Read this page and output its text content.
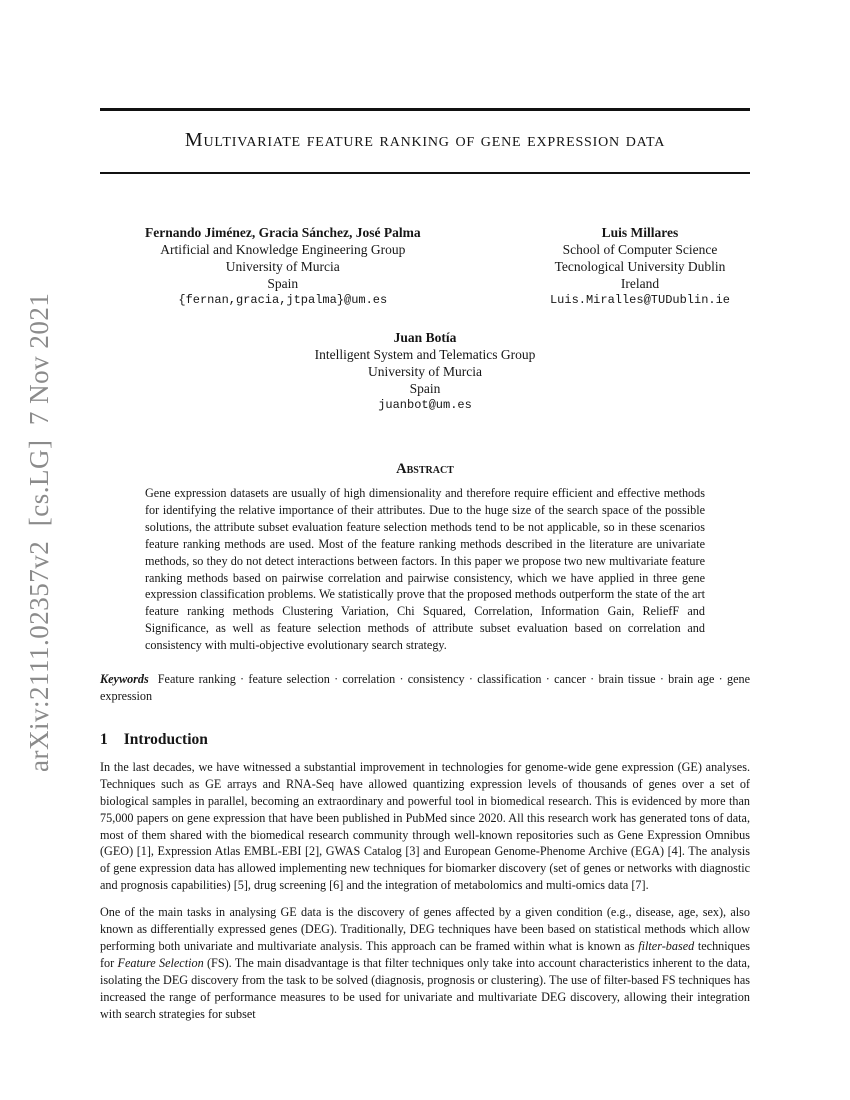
arXiv:2111.02357v2  [cs.LG]  7 Nov 2021
Multivariate feature ranking of gene expression data
Fernando Jiménez, Gracia Sánchez, José Palma
Artificial and Knowledge Engineering Group
University of Murcia
Spain
{fernan,gracia,jtpalma}@um.es
Luis Millares
School of Computer Science
Tecnological University Dublin
Ireland
Luis.Miralles@TUDublin.ie
Juan Botía
Intelligent System and Telematics Group
University of Murcia
Spain
juanbot@um.es
Abstract

Gene expression datasets are usually of high dimensionality and therefore require efficient and effective methods for identifying the relative importance of their attributes. Due to the huge size of the search space of the possible solutions, the attribute subset evaluation feature selection methods tend to be not applicable, so in these scenarios feature ranking methods are used. Most of the feature ranking methods described in the literature are univariate methods, so they do not detect interactions between factors. In this paper we propose two new multivariate feature ranking methods based on pairwise correlation and pairwise consistency, which we have applied in three gene expression classification problems. We statistically prove that the proposed methods outperform the state of the art feature ranking methods Clustering Variation, Chi Squared, Correlation, Information Gain, ReliefF and Significance, as well as feature selection methods of attribute subset evaluation based on correlation and consistency with multi-objective evolutionary search strategy.

Keywords Feature ranking · feature selection · correlation · consistency · classification · cancer · brain tissue · brain age · gene expression

1 Introduction

In the last decades, we have witnessed a substantial improvement in technologies for genome-wide gene expression (GE) analyses. Techniques such as GE arrays and RNA-Seq have allowed quantizing expression levels of thousands of genes over a set of biological samples in parallel, becoming an extraordinary and powerful tool in biomedical research. This is evidenced by more than 75,000 papers on gene expression that have been published in PubMed since 2020. All this research work has generated tons of data, most of them shared with the biomedical research community through well-known repositories such as Gene Expression Omnibus (GEO) [1], Expression Atlas EMBL-EBI [2], GWAS Catalog [3] and European Genome-Phenome Archive (EGA) [4]. The analysis of gene expression data has allowed implementing new techniques for biomarker discovery (set of genes or networks with diagnostic and prognosis capabilities) [5], drug screening [6] and the integration of metabolomics and multi-omics data [7].

One of the main tasks in analysing GE data is the discovery of genes affected by a given condition (e.g., disease, age, sex), also known as differentially expressed genes (DEG). Traditionally, DEG techniques have been based on statistical methods which allow performing both univariate and multivariate analysis. This approach can be framed within what is known as filter-based techniques for Feature Selection (FS). The main disadvantage is that filter techniques only take into account characteristics inherent to the data, isolating the DEG discovery from the task to be solved (diagnosis, prognosis or clustering). The use of filter-based FS techniques has increased the range of performance measures to be used for univariate and multivariate DEG discovery, allowing their integration with search strategies for subset
